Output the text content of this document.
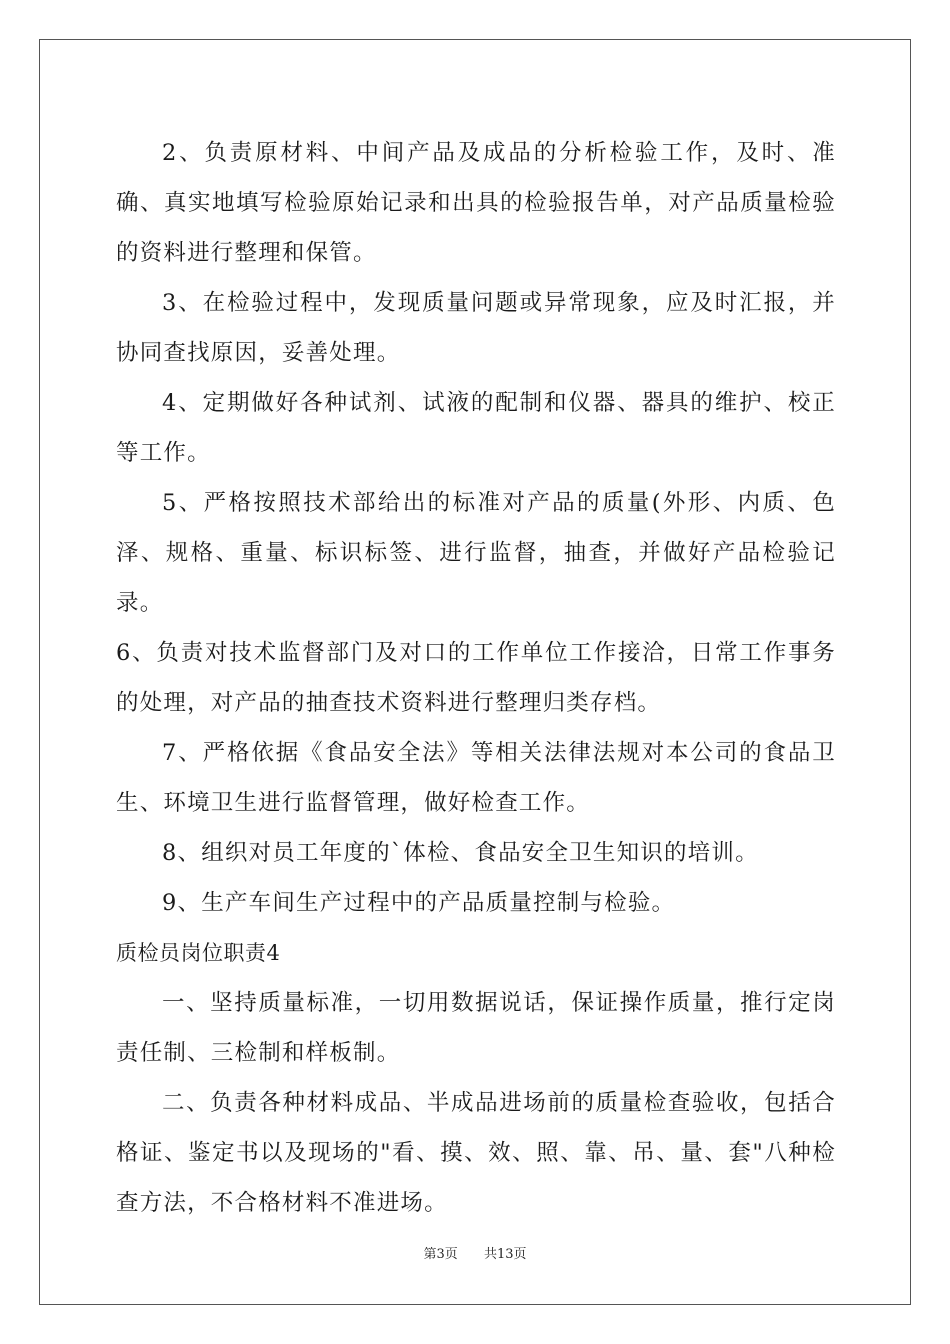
2、负责原材料、中间产品及成品的分析检验工作，及时、准确、真实地填写检验原始记录和出具的检验报告单，对产品质量检验的资料进行整理和保管。

3、在检验过程中，发现质量问题或异常现象，应及时汇报，并协同查找原因，妥善处理。

4、定期做好各种试剂、试液的配制和仪器、器具的维护、校正等工作。

5、严格按照技术部给出的标准对产品的质量(外形、内质、色泽、规格、重量、标识标签、进行监督，抽查，并做好产品检验记录。

6、负责对技术监督部门及对口的工作单位工作接洽，日常工作事务的处理，对产品的抽查技术资料进行整理归类存档。

7、严格依据《食品安全法》等相关法律法规对本公司的食品卫生、环境卫生进行监督管理，做好检查工作。

8、组织对员工年度的`体检、食品安全卫生知识的培训。

9、生产车间生产过程中的产品质量控制与检验。

质检员岗位职责4

一、坚持质量标准，一切用数据说话，保证操作质量，推行定岗责任制、三检制和样板制。

二、负责各种材料成品、半成品进场前的质量检查验收，包括合格证、鉴定书以及现场的"看、摸、效、照、靠、吊、量、套"八种检查方法，不合格材料不准进场。

第3页 共13页
